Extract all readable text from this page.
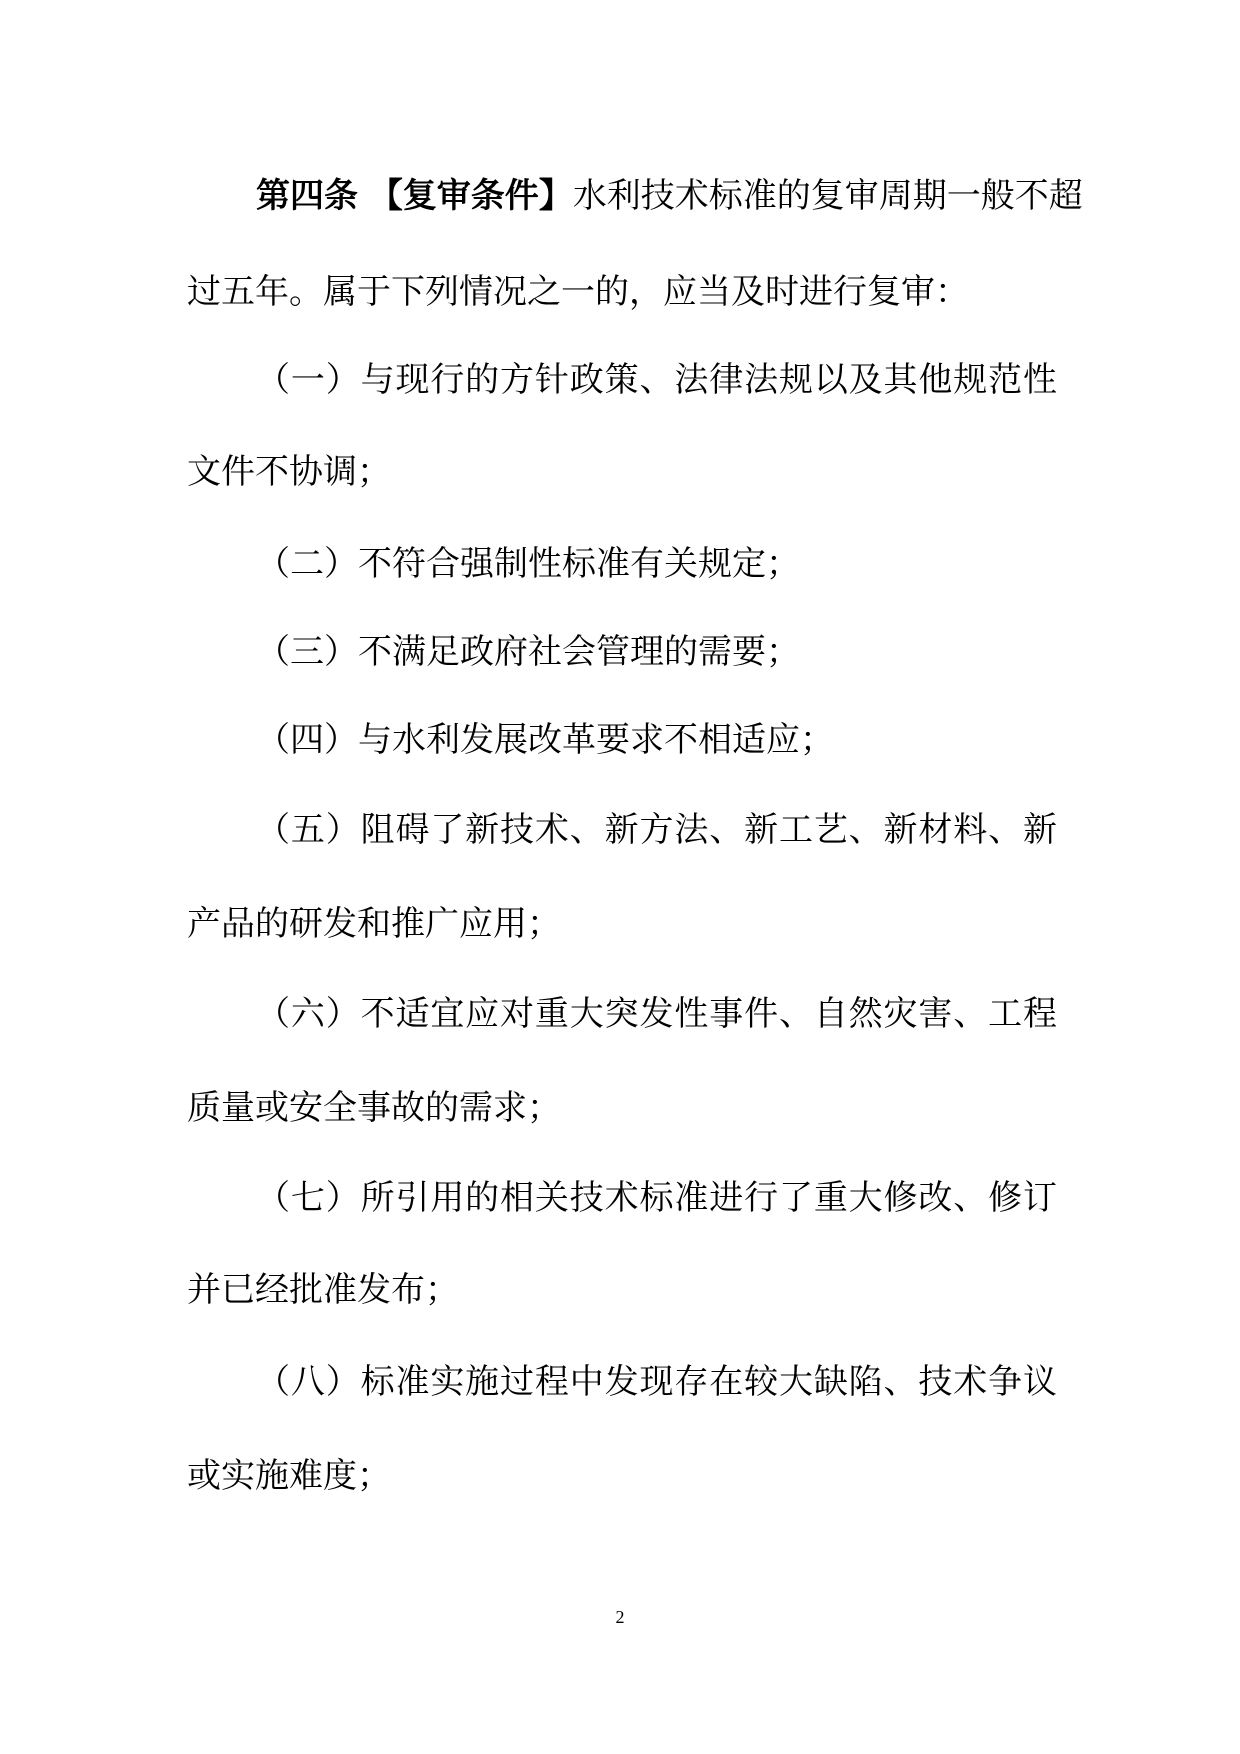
第四条 【复审条件】水利技术标准的复审周期一般不超
过五年。属于下列情况之一的，应当及时进行复审：
（一）与现行的方针政策、法律法规以及其他规范性
文件不协调；
（二）不符合强制性标准有关规定；
（三）不满足政府社会管理的需要；
（四）与水利发展改革要求不相适应；
（五）阻碍了新技术、新方法、新工艺、新材料、新
产品的研发和推广应用；
（六）不适宜应对重大突发性事件、自然灾害、工程
质量或安全事故的需求；
（七）所引用的相关技术标准进行了重大修改、修订
并已经批准发布；
（八）标准实施过程中发现存在较大缺陷、技术争议
或实施难度；
2
